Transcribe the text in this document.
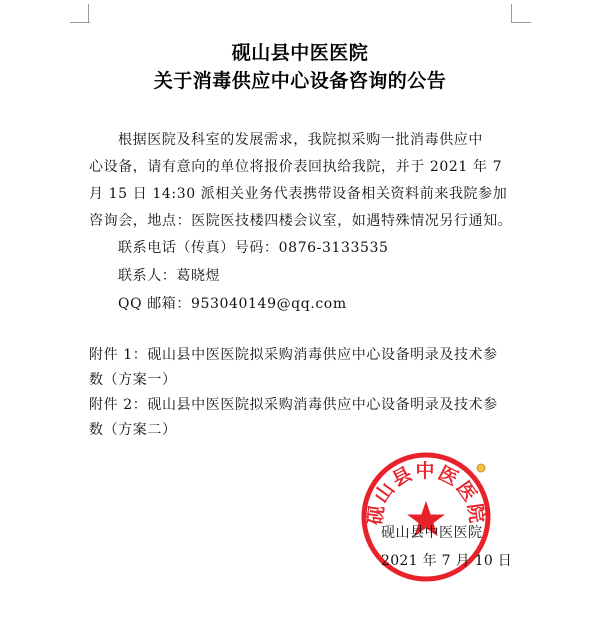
砚山县中医医院
关于消毒供应中心设备咨询的公告
根据医院及科室的发展需求，我院拟采购一批消毒供应中
心设备，请有意向的单位将报价表回执给我院，并于 2021 年 7
月 15 日 14:30 派相关业务代表携带设备相关资料前来我院参加
咨询会，地点：医院医技楼四楼会议室，如遇特殊情况另行通知。
联系电话（传真）号码：0876-3133535
联系人：葛晓煜
QQ 邮箱：953040149@qq.com
附件 1：砚山县中医医院拟采购消毒供应中心设备明录及技术参
数（方案一）
附件 2：砚山县中医医院拟采购消毒供应中心设备明录及技术参
数（方案二）
砚山县中医医院
砚山县中医医院
2021 年 7 月 10 日
